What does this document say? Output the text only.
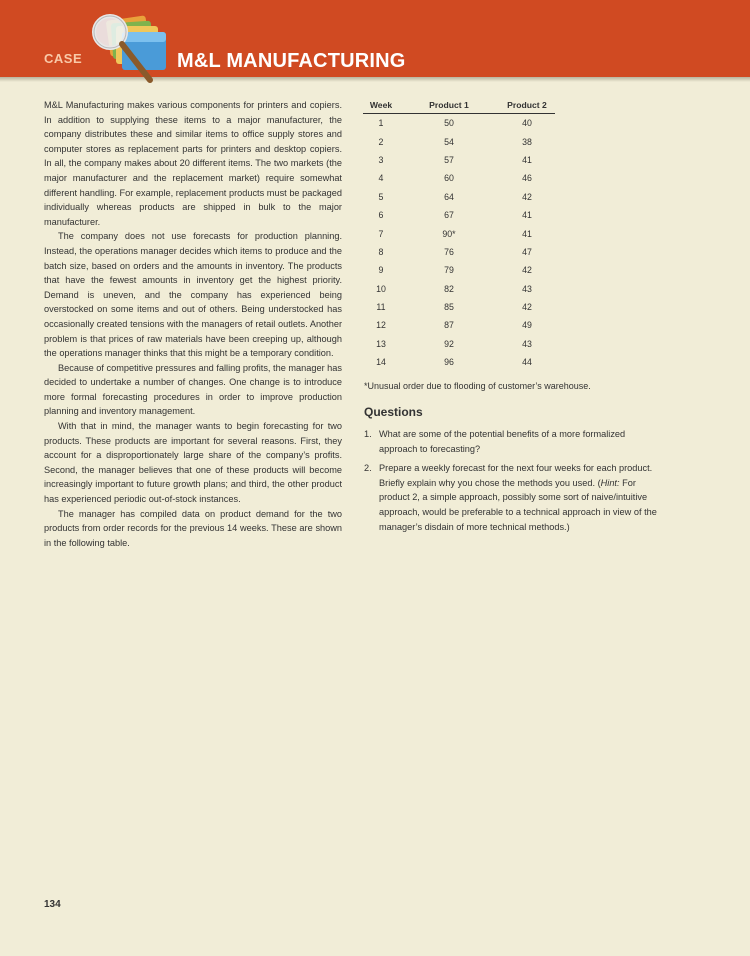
CASE	M&L MANUFACTURING

M&L Manufacturing makes various components for printers and copiers. In addition to supplying these items to a major manufacturer, the company distributes these and similar items to office supply stores and computer stores as replacement parts for printers and desktop copiers. In all, the company makes about 20 different items. The two markets (the major manufacturer and the replacement market) require somewhat different handling. For example, replacement products must be packaged individually whereas products are shipped in bulk to the major manufacturer.

The company does not use forecasts for production planning. Instead, the operations manager decides which items to produce and the batch size, based on orders and the amounts in inventory. The products that have the fewest amounts in inventory get the highest priority. Demand is uneven, and the company has experienced being overstocked on some items and out of others. Being understocked has occasionally created tensions with the managers of retail outlets. Another problem is that prices of raw materials have been creeping up, although the operations manager thinks that this might be a temporary condition.

Because of competitive pressures and falling profits, the manager has decided to undertake a number of changes. One change is to introduce more formal forecasting procedures in order to improve production planning and inventory management.

With that in mind, the manager wants to begin forecasting for two products. These products are important for several reasons. First, they account for a disproportionately large share of the company’s profits. Second, the manager believes that one of these products will become increasingly important to future growth plans; and third, the other product has experienced periodic out-of-stock instances.

The manager has compiled data on product demand for the two products from order records for the previous 14 weeks. These are shown in the following table.

Week	Product 1	Product 2
1	50	40
2	54	38
3	57	41
4	60	46
5	64	42
6	67	41
7	90*	41
8	76	47
9	79	42
10	82	43
11	85	42
12	87	49
13	92	43
14	96	44
*Unusual order due to flooding of customer’s warehouse.
Questions
1. What are some of the potential benefits of a more formalized approach to forecasting?
2. Prepare a weekly forecast for the next four weeks for each product. Briefly explain why you chose the methods you used. (Hint: For product 2, a simple approach, possibly some sort of naive/intuitive approach, would be preferable to a technical approach in view of the manager’s disdain of more technical methods.)
134
